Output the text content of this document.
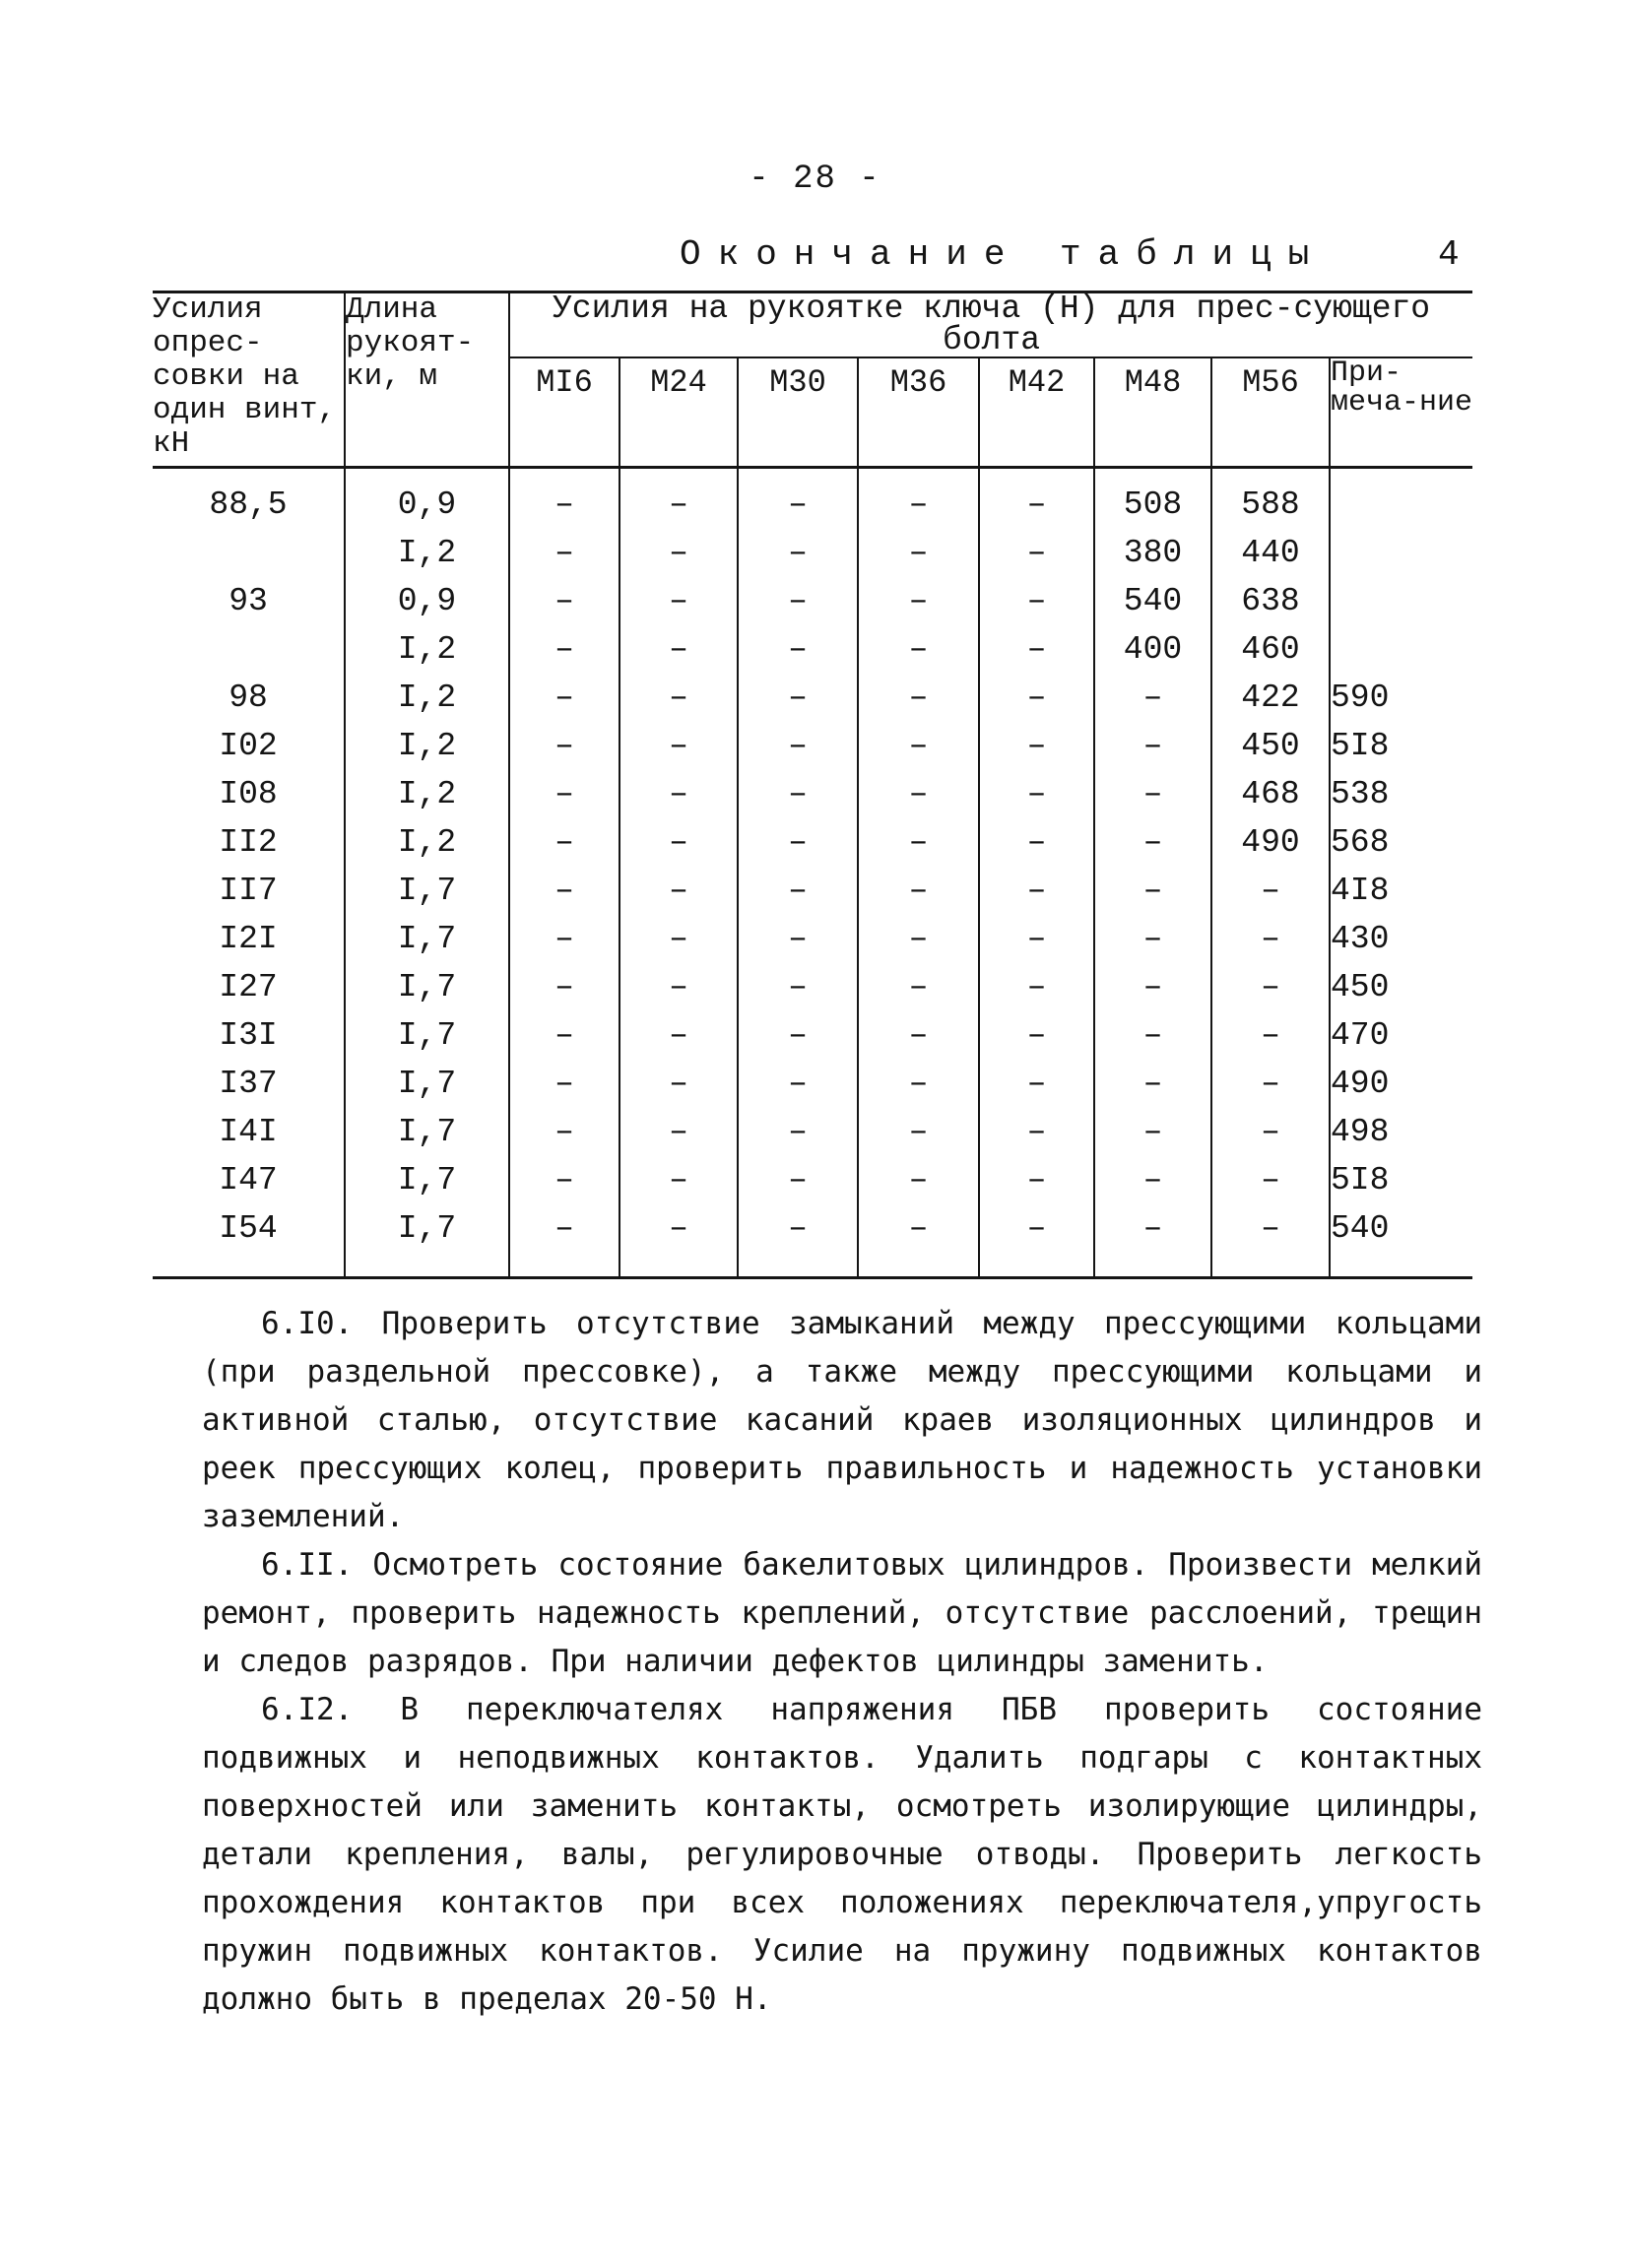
- 28 -
Окончание таблицы	4
Усилия опрес-совки на один винт, кН	Длина рукоят-ки, м	Усилия на рукоятке ключа (Н) для прес-сующего болта							
		МI6	М24	М30	М36	М42	М48	М56	При-меча-ние
88,5	0,9	–	–	–	–	–	508	588	
	I,2	–	–	–	–	–	380	440	
93	0,9	–	–	–	–	–	540	638	
	I,2	–	–	–	–	–	400	460	
98	I,2	–	–	–	–	–	–	422	590
I02	I,2	–	–	–	–	–	–	450	5I8
I08	I,2	–	–	–	–	–	–	468	538
II2	I,2	–	–	–	–	–	–	490	568
II7	I,7	–	–	–	–	–	–	–	4I8
I2I	I,7	–	–	–	–	–	–	–	430
I27	I,7	–	–	–	–	–	–	–	450
I3I	I,7	–	–	–	–	–	–	–	470
I37	I,7	–	–	–	–	–	–	–	490
I4I	I,7	–	–	–	–	–	–	–	498
I47	I,7	–	–	–	–	–	–	–	5I8
I54	I,7	–	–	–	–	–	–	–	540

6.I0. Проверить отсутствие замыканий между прессующими кольцами (при раздельной прессовке), а также между прессующими кольцами и активной сталью, отсутствие касаний краев изоляционных цилиндров и реек прессующих колец, проверить правильность и надежность установки заземлений.

6.II. Осмотреть состояние бакелитовых цилиндров. Произвести мелкий ремонт, проверить надежность креплений, отсутствие расслоений, трещин и следов разрядов. При наличии дефектов цилиндры заменить.

6.I2. В переключателях напряжения ПБВ проверить состояние подвижных и неподвижных контактов. Удалить подгары с контактных поверхностей или заменить контакты, осмотреть изолирующие цилиндры, детали крепления, валы, регулировочные отводы. Проверить легкость прохождения контактов при всех положениях переключателя,упругость пружин подвижных контактов. Усилие на пружину подвижных контактов должно быть в пределах 20-50 Н.
